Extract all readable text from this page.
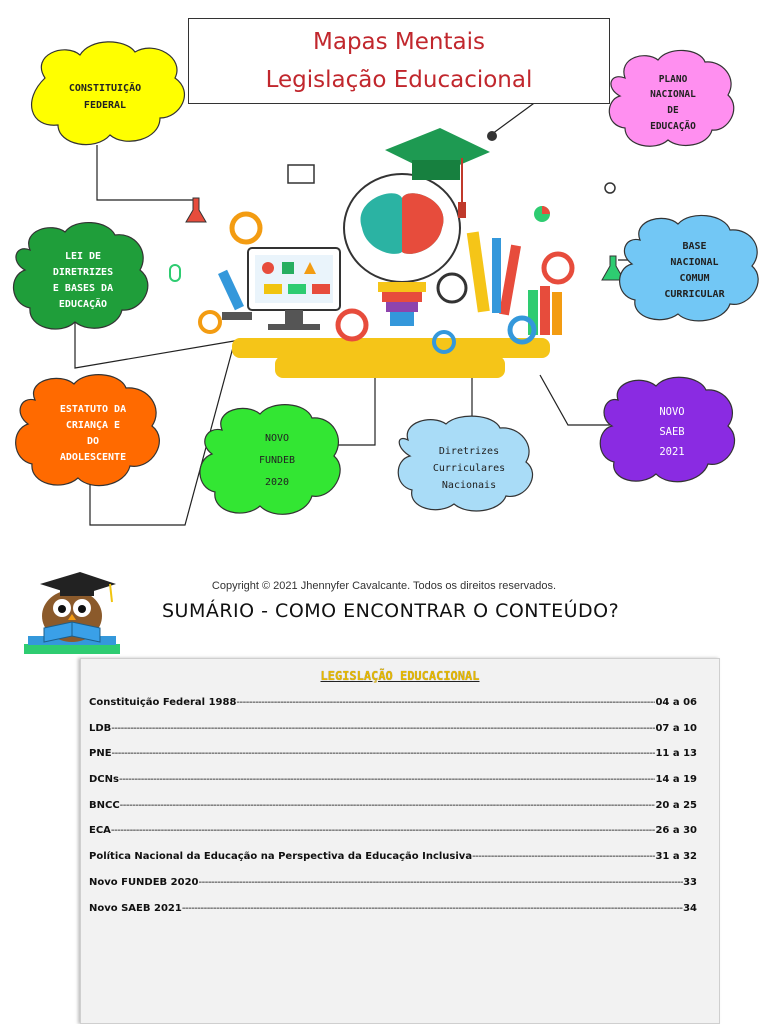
Mapas Mentais
Legislação Educacional
CONSTITUIÇÃO
FEDERAL
PLANO
NACIONAL
DE
EDUCAÇÃO
LEI DE
DIRETRIZES
E BASES DA
EDUCAÇÃO
BASE
NACIONAL
COMUM
CURRICULAR
ESTATUTO DA
CRIANÇA E
DO
ADOLESCENTE
NOVO
FUNDEB
2020
Diretrizes
Curriculares
Nacionais
NOVO
SAEB
2021
Copyright © 2021 Jhennyfer Cavalcante. Todos os direitos reservados.
SUMÁRIO - COMO ENCONTRAR O CONTEÚDO?
LEGISLAÇÃO EDUCACIONAL
Constituição Federal 1988 -----	04 a 06
LDB -----	07 a 10
PNE -----	11 a 13
DCNs -----	14 a 19
BNCC -----	20 a 25
ECA -----	26 a 30
Política Nacional da Educação na Perspectiva da Educação Inclusiva -----	31 a 32
Novo FUNDEB 2020 -----	33
Novo SAEB 2021 -----	34
